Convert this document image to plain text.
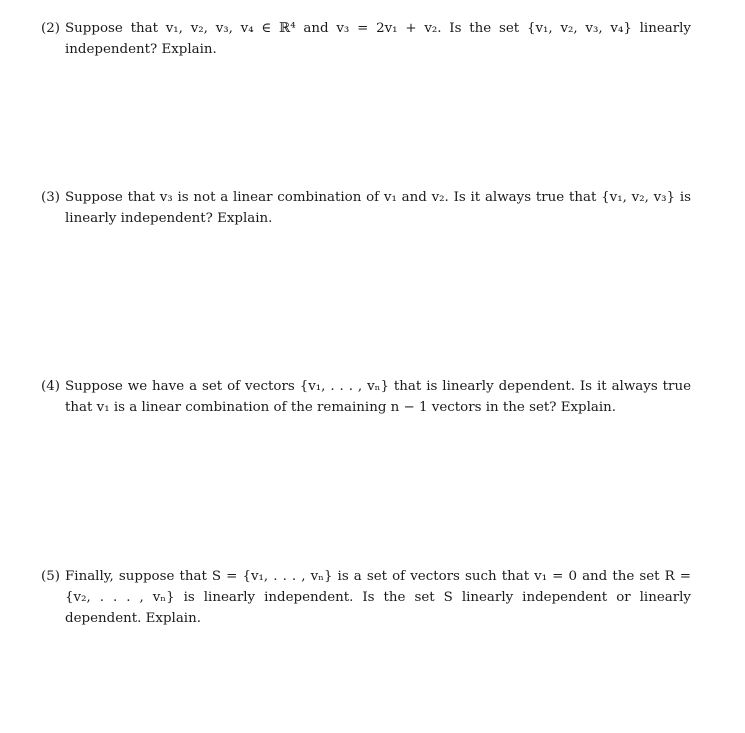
(2) Suppose that v₁, v₂, v₃, v₄ ∈ ℝ⁴ and v₃ = 2v₁ + v₂. Is the set {v₁, v₂, v₃, v₄} linearly independent? Explain.
(3) Suppose that v₃ is not a linear combination of v₁ and v₂. Is it always true that {v₁, v₂, v₃} is linearly independent? Explain.
(4) Suppose we have a set of vectors {v₁, . . . , vₙ} that is linearly dependent. Is it always true that v₁ is a linear combination of the remaining n − 1 vectors in the set? Explain.
(5) Finally, suppose that S = {v₁, . . . , vₙ} is a set of vectors such that v₁ = 0 and the set R = {v₂, . . . , vₙ} is linearly independent. Is the set S linearly independent or linearly dependent. Explain.
